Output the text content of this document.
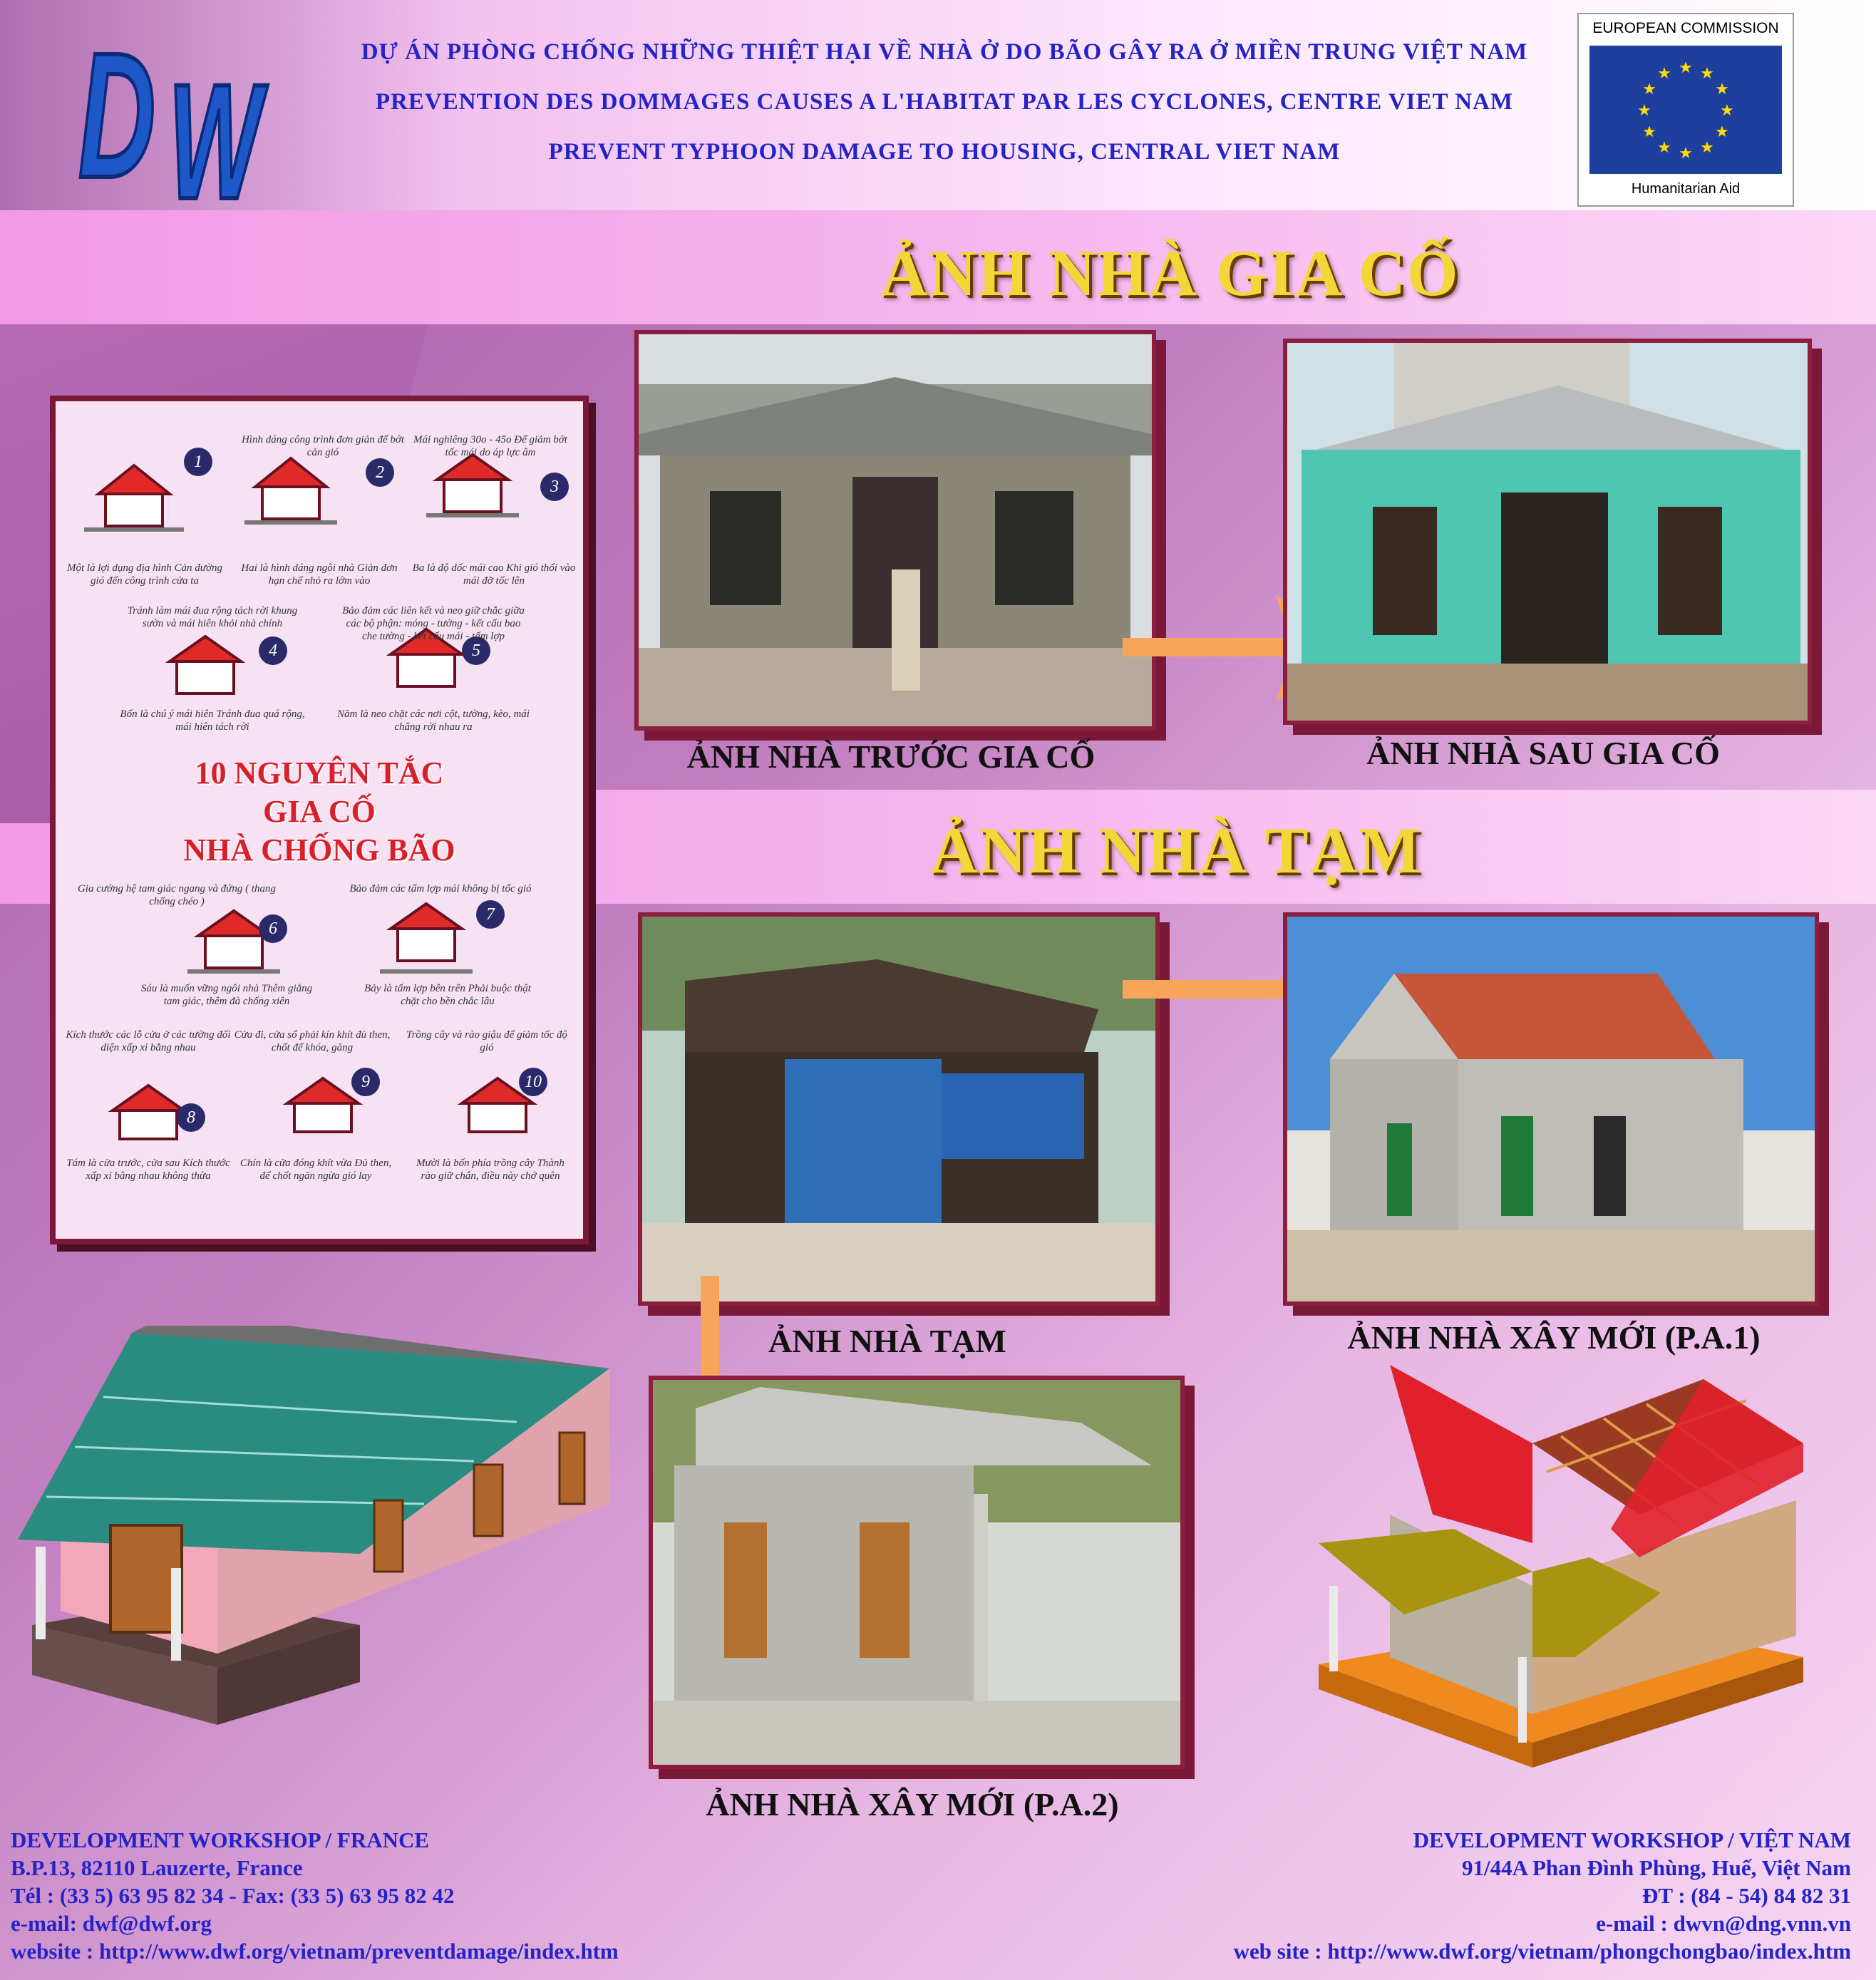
D W	DỰ ÁN PHÒNG CHỐNG NHỮNG THIỆT HẠI VỀ NHÀ Ở DO BÃO GÂY RA Ở MIỀN TRUNG VIỆT NAM
PREVENTION DES DOMMAGES CAUSES A L'HABITAT PAR LES CYCLONES, CENTRE VIET NAM
PREVENT TYPHOON DAMAGE TO HOUSING, CENTRAL VIET NAM
EUROPEAN COMMISSION
★ ★
★
★
★
★
★
★
★
★
★
★
Humanitarian Aid
ẢNH NHÀ GIA CỐ
ẢNH NHÀ TẠM
1
2
3
4	5
6
7
8
9	10
Hình dáng công trình đơn giản để bớt cản gió
Mái nghiêng 30o - 45o Để giảm bớt tốc mái do áp lực âm
Một là lợi dụng địa hình Cản đường gió đến công trình cửa ta
Hai là hình dáng ngôi nhà Giản đơn hạn chế nhỏ ra lớm vào
Ba là độ dốc mái cao Khi gió thổi vào mái đỡ tốc lên
Tránh làm mái đua rộng tách rời khung sườn và mái hiên khỏi nhà chính
Bảo đảm các liên kết và neo giữ chắc giữa các bộ phận: móng - tường - kết cấu bao che tường - kết cấu mái - tấm lợp
Bốn là chú ý mái hiên Tránh đua quá rộng, mái hiên tách rời
Năm là neo chặt các nơi cột, tường, kèo, mái chẳng rời nhau ra
10 NGUYÊN TẮC
GIA CỐ
NHÀ CHỐNG BÃO
Gia cường hệ tam giác ngang và đứng ( thang chống chéo )
Bảo đảm các tấm lợp mái không bị tốc gió
Sáu là muốn vững ngôi nhà Thêm giằng tam giác, thêm đà chống xiên
Bảy là tấm lợp bên trên Phải buộc thật chặt cho bền chắc lâu
Kích thước các lỗ cửa ở các tường đối diện xấp xỉ bằng nhau
Cửa đi, cửa sổ phải kín khít đủ then, chốt để khóa, găng
Trồng cây và rào giậu để giảm tốc độ gió
Tám là cửa trước, cửa sau Kích thước xấp xỉ bằng nhau không thừa
Chín là cửa đóng khít vừa Đủ then, để chốt ngăn ngừa gió lay
Mười là bốn phía trồng cây Thành rào giữ chắn, điều này chớ quên
ẢNH NHÀ TRƯỚC GIA CỐ	ẢNH NHÀ SAU GIA CỐ
ẢNH NHÀ TẠM	ẢNH NHÀ XÂY MỚI (P.A.1)
ẢNH NHÀ XÂY MỚI (P.A.2)
DEVELOPMENT WORKSHOP / FRANCE
B.P.13, 82110 Lauzerte, France
Tél : (33 5) 63 95 82 34 - Fax: (33 5) 63 95 82 42
e-mail: dwf@dwf.org
website : http://www.dwf.org/vietnam/preventdamage/index.htm
DEVELOPMENT WORKSHOP / VIỆT NAM
91/44A Phan Đình Phùng, Huế, Việt Nam
ĐT : (84 - 54) 84 82 31
e-mail : dwvn@dng.vnn.vn
web site : http://www.dwf.org/vietnam/phongchongbao/index.htm
